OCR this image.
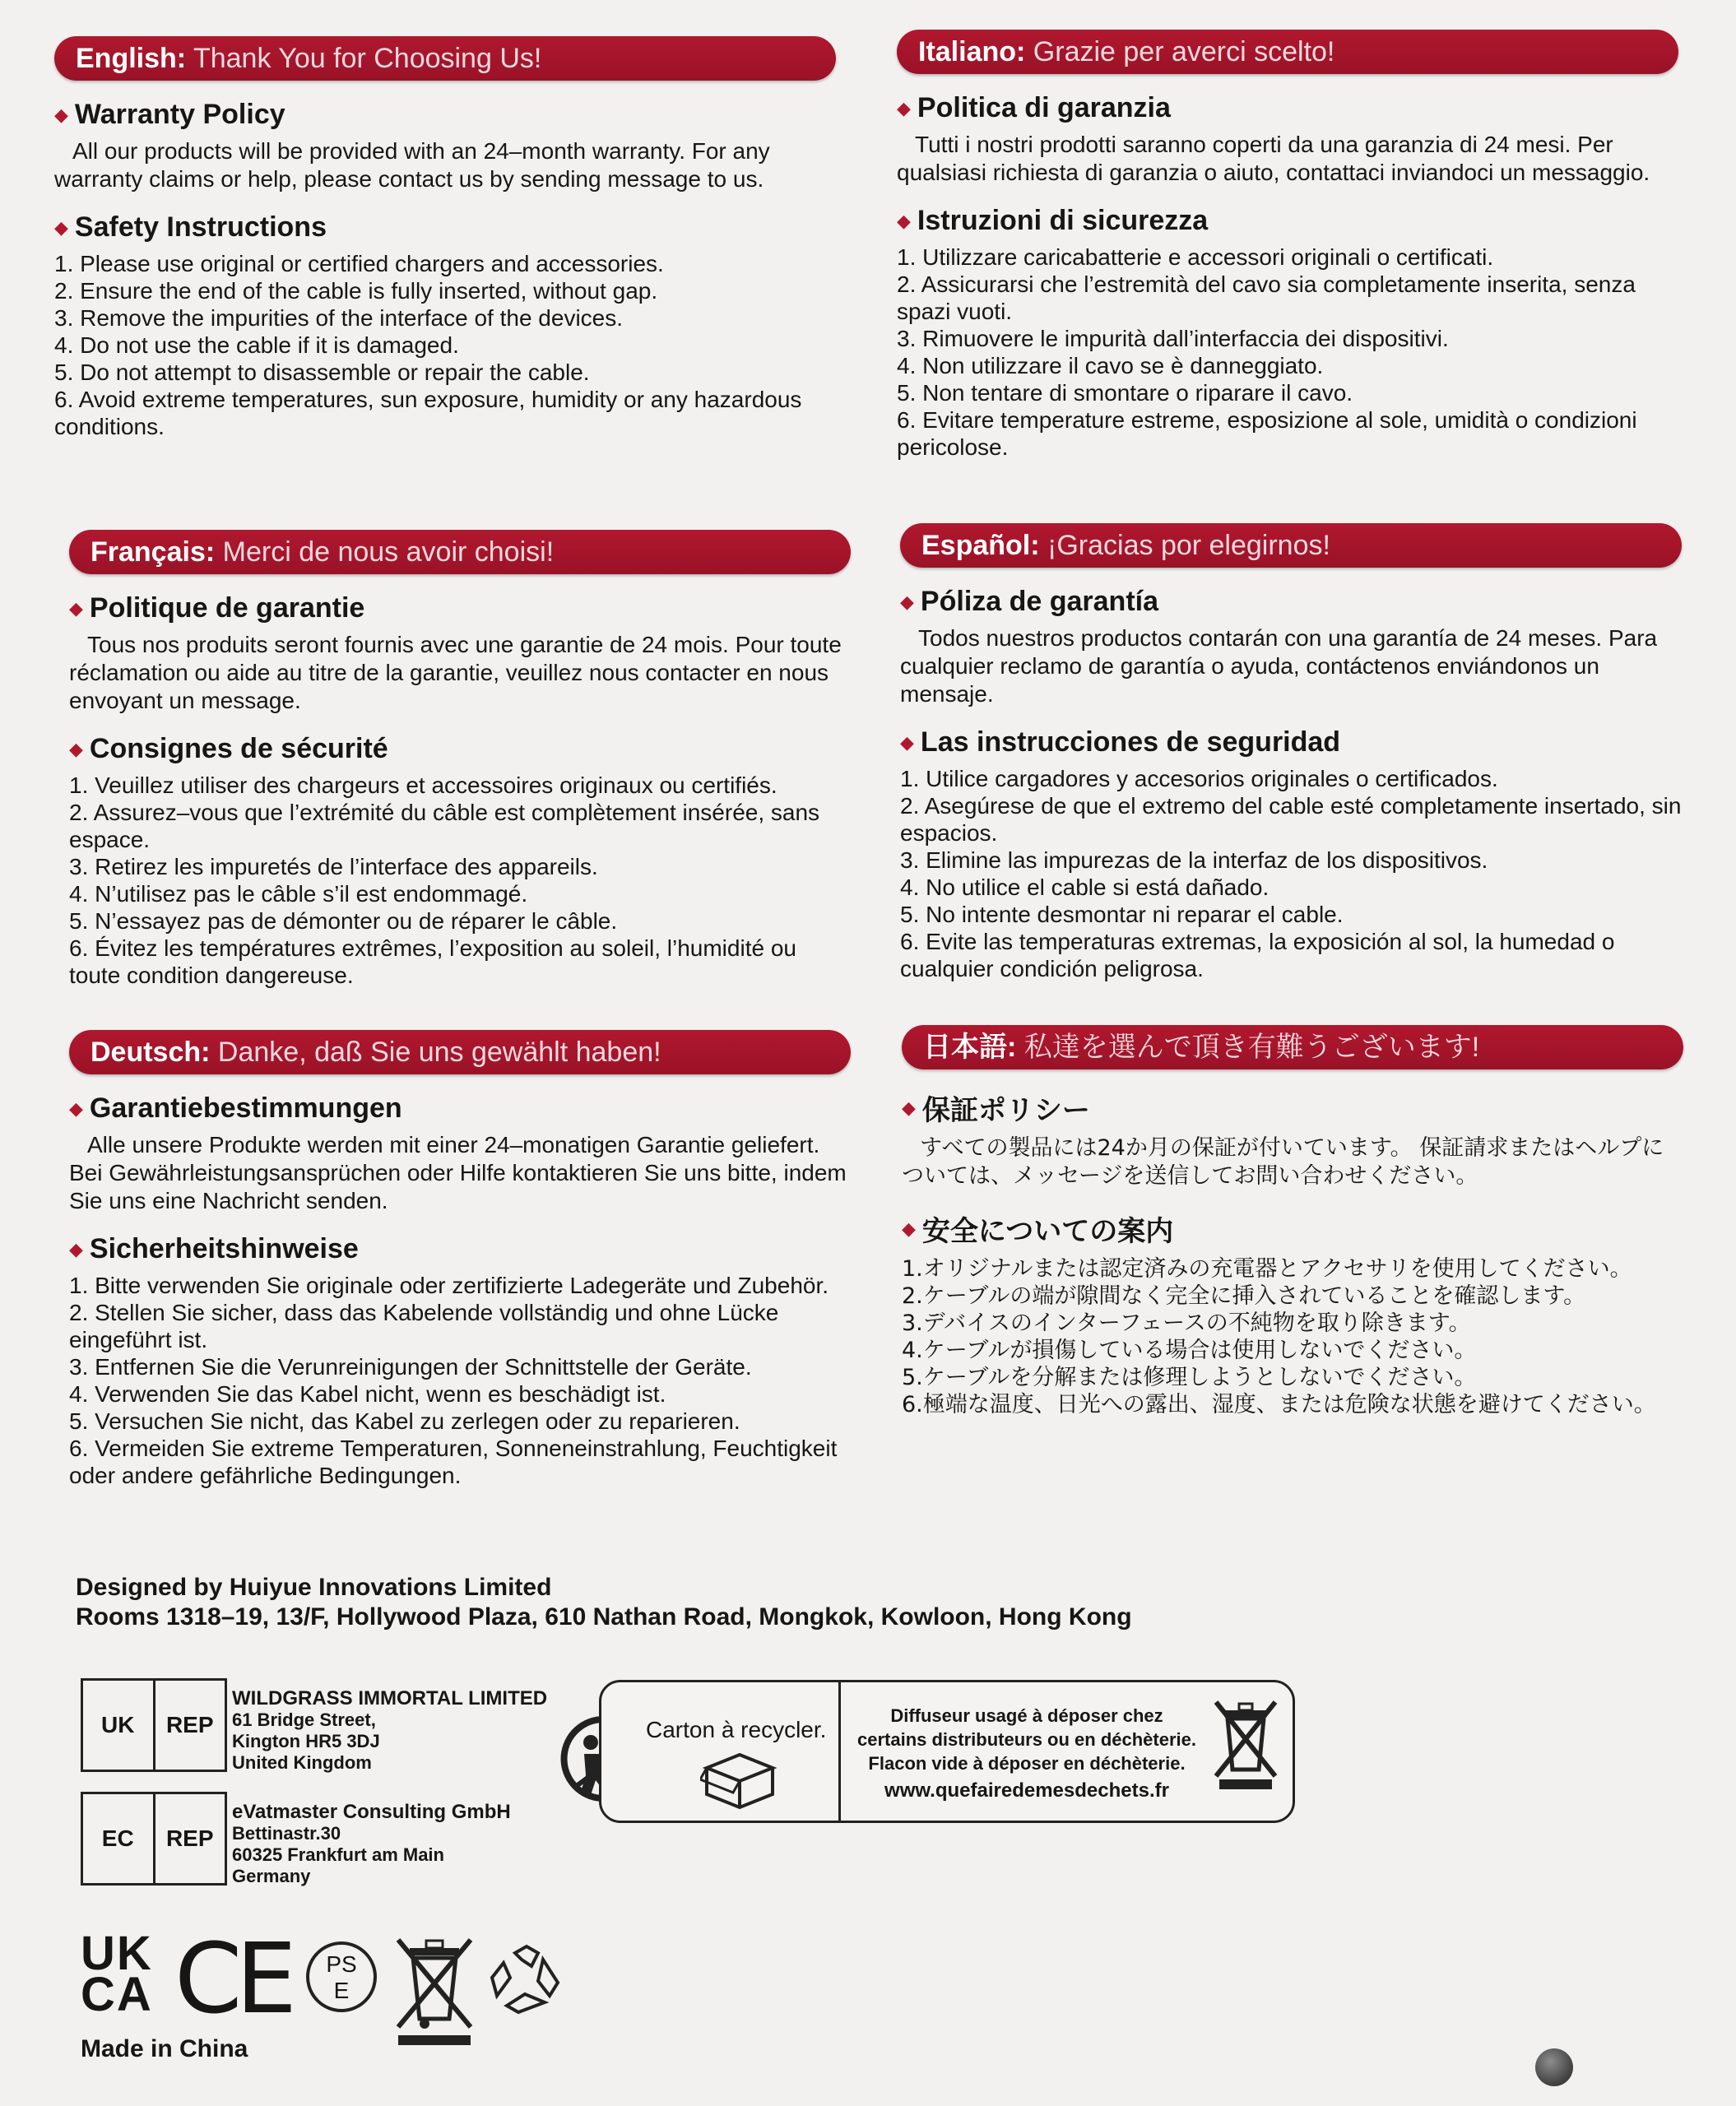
English: Thank You for Choosing Us!
◆ Warranty Policy

All our products will be provided with an 24–month warranty. For any warranty claims or help, please contact us by sending message to us.

◆ Safety Instructions
1. Please use original or certified chargers and accessories.
2. Ensure the end of the cable is fully inserted, without gap.
3. Remove the impurities of the interface of the devices.
4. Do not use the cable if it is damaged.
5. Do not attempt to disassemble or repair the cable.
6. Avoid extreme temperatures, sun exposure, humidity or any hazardous conditions.
Italiano: Grazie per averci scelto!
◆ Politica di garanzia

Tutti i nostri prodotti saranno coperti da una garanzia di 24 mesi. Per qualsiasi richiesta di garanzia o aiuto, contattaci inviandoci un messaggio.

◆ Istruzioni di sicurezza
1. Utilizzare caricabatterie e accessori originali o certificati.
2. Assicurarsi che l’estremità del cavo sia completamente inserita, senza spazi vuoti.
3. Rimuovere le impurità dall’interfaccia dei dispositivi.
4. Non utilizzare il cavo se è danneggiato.
5. Non tentare di smontare o riparare il cavo.
6. Evitare temperature estreme, esposizione al sole, umidità o condizioni pericolose.
Français: Merci de nous avoir choisi!
◆ Politique de garantie

Tous nos produits seront fournis avec une garantie de 24 mois. Pour toute réclamation ou aide au titre de la garantie, veuillez nous contacter en nous envoyant un message.

◆ Consignes de sécurité
1. Veuillez utiliser des chargeurs et accessoires originaux ou certifiés.
2. Assurez–vous que l’extrémité du câble est complètement insérée, sans espace.
3. Retirez les impuretés de l’interface des appareils.
4. N’utilisez pas le câble s’il est endommagé.
5. N’essayez pas de démonter ou de réparer le câble.
6. Évitez les températures extrêmes, l’exposition au soleil, l’humidité ou toute condition dangereuse.
Español: ¡Gracias por elegirnos!
◆ Póliza de garantía

Todos nuestros productos contarán con una garantía de 24 meses. Para cualquier reclamo de garantía o ayuda, contáctenos enviándonos un mensaje.

◆ Las instrucciones de seguridad
1. Utilice cargadores y accesorios originales o certificados.
2. Asegúrese de que el extremo del cable esté completamente insertado, sin espacios.
3. Elimine las impurezas de la interfaz de los dispositivos.
4. No utilice el cable si está dañado.
5. No intente desmontar ni reparar el cable.
6. Evite las temperaturas extremas, la exposición al sol, la humedad o cualquier condición peligrosa.
Deutsch: Danke, daß Sie uns gewählt haben!
◆ Garantiebestimmungen

Alle unsere Produkte werden mit einer 24–monatigen Garantie geliefert. Bei Gewährleistungsansprüchen oder Hilfe kontaktieren Sie uns bitte, indem Sie uns eine Nachricht senden.

◆ Sicherheitshinweise
1. Bitte verwenden Sie originale oder zertifizierte Ladegeräte und Zubehör.
2. Stellen Sie sicher, dass das Kabelende vollständig und ohne Lücke eingeführt ist.
3. Entfernen Sie die Verunreinigungen der Schnittstelle der Geräte.
4. Verwenden Sie das Kabel nicht, wenn es beschädigt ist.
5. Versuchen Sie nicht, das Kabel zu zerlegen oder zu reparieren.
6. Vermeiden Sie extreme Temperaturen, Sonneneinstrahlung, Feuchtigkeit oder andere gefährliche Bedingungen.
日本語: 私達を選んで頂き有難うございます!
◆ 保証ポリシー

すべての製品には24か月の保証が付いています。 保証請求またはヘルプについては、メッセージを送信してお問い合わせください。

◆ 安全についての案内
1.オリジナルまたは認定済みの充電器とアクセサリを使用してください。
2.ケーブルの端が隙間なく完全に挿入されていることを確認します。
3.デバイスのインターフェースの不純物を取り除きます。
4.ケーブルが損傷している場合は使用しないでください。
5.ケーブルを分解または修理しようとしないでください。
6.極端な温度、日光への露出、湿度、または危険な状態を避けてください。
Designed by Huiyue Innovations Limited
Rooms 1318–19, 13/F, Hollywood Plaza, 610 Nathan Road, Mongkok, Kowloon, Hong Kong
UK	REP
WILDGRASS IMMORTAL LIMITED
61 Bridge Street,
Kington HR5 3DJ
United Kingdom
EC	REP
eVatmaster Consulting GmbH
Bettinastr.30
60325 Frankfurt am Main
Germany
Carton à recycler.
Diffuseur usagé à déposer chez
certains distributeurs ou en déchèterie.
Flacon vide à déposer en déchèterie.
www.quefairedemesdechets.fr
UK
CA CE	PS
E
Made in China
